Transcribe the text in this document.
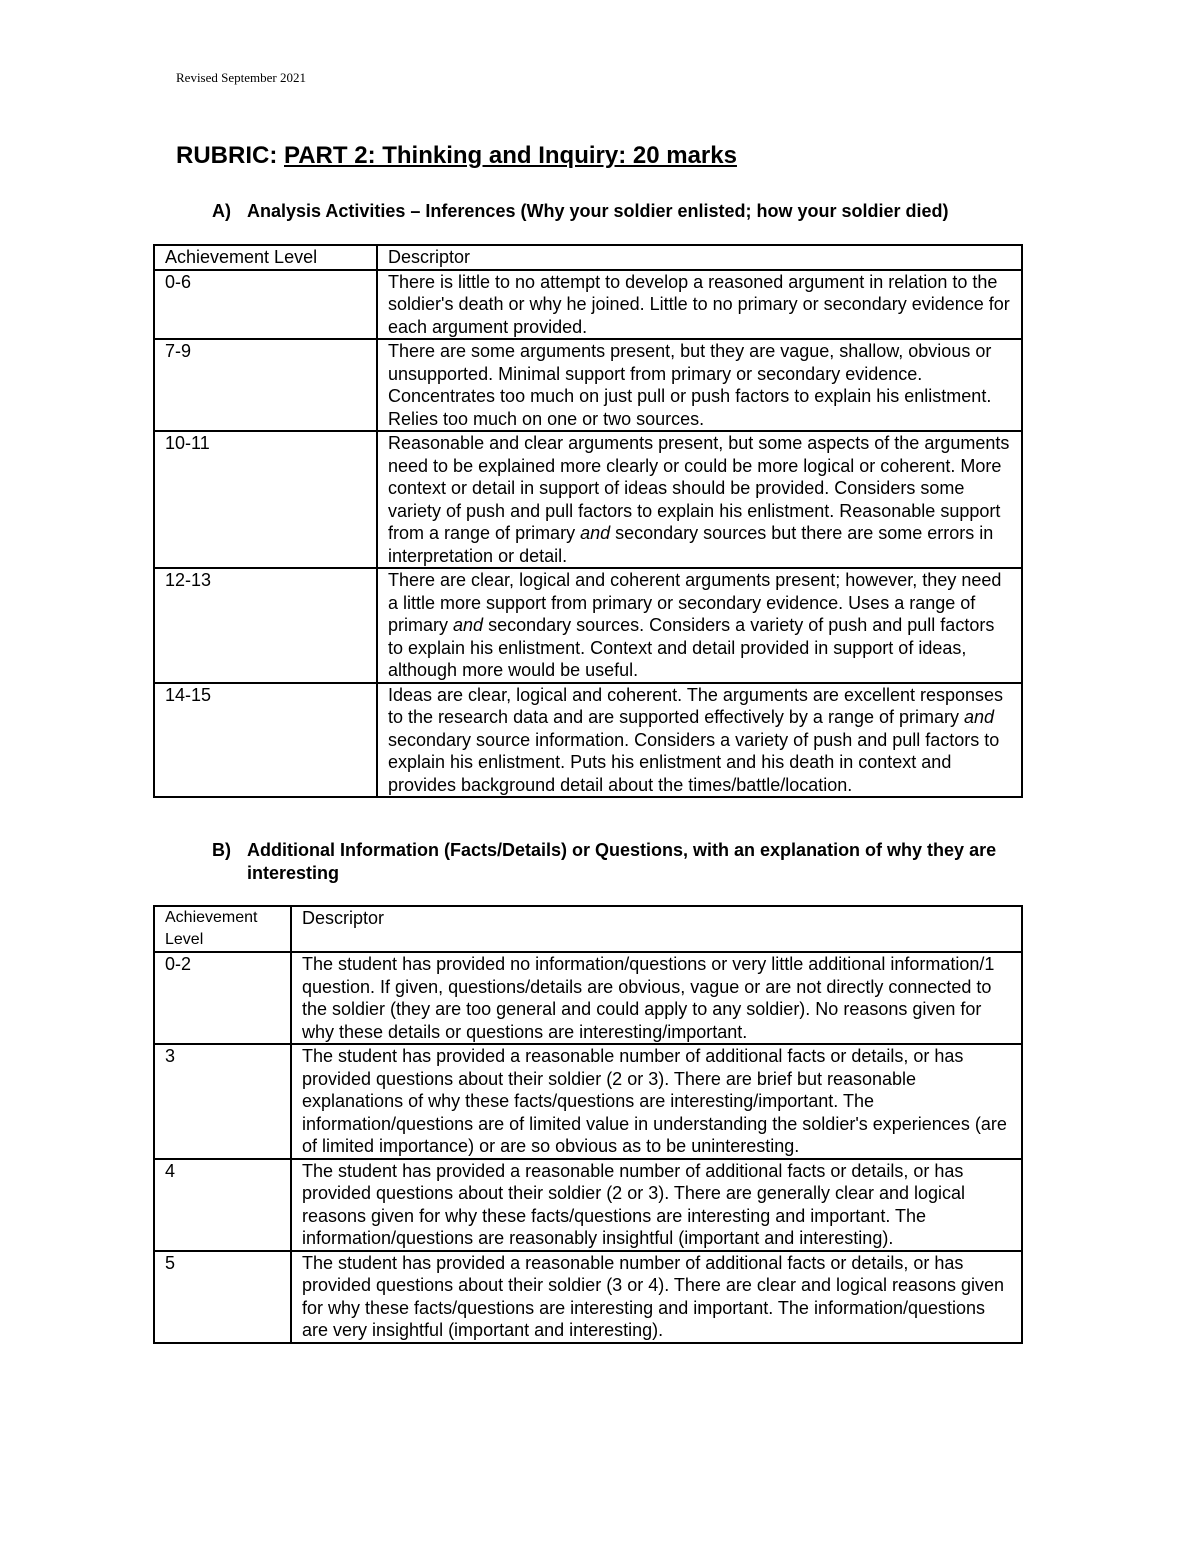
Revised September 2021
RUBRIC: PART 2: Thinking and Inquiry: 20 marks
A) Analysis Activities – Inferences (Why your soldier enlisted; how your soldier died)
Achievement Level	Descriptor
0-6	There is little to no attempt to develop a reasoned argument in relation to the soldier's death or why he joined. Little to no primary or secondary evidence for each argument provided.
7-9	There are some arguments present, but they are vague, shallow, obvious or unsupported. Minimal support from primary or secondary evidence. Concentrates too much on just pull or push factors to explain his enlistment. Relies too much on one or two sources.
10-11	Reasonable and clear arguments present, but some aspects of the arguments need to be explained more clearly or could be more logical or coherent. More context or detail in support of ideas should be provided. Considers some variety of push and pull factors to explain his enlistment. Reasonable support from a range of primary and secondary sources but there are some errors in interpretation or detail.
12-13	There are clear, logical and coherent arguments present; however, they need a little more support from primary or secondary evidence. Uses a range of primary and secondary sources. Considers a variety of push and pull factors to explain his enlistment. Context and detail provided in support of ideas, although more would be useful.
14-15	Ideas are clear, logical and coherent. The arguments are excellent responses to the research data and are supported effectively by a range of primary and secondary source information. Considers a variety of push and pull factors to explain his enlistment. Puts his enlistment and his death in context and provides background detail about the times/battle/location.
B) Additional Information (Facts/Details) or Questions, with an explanation of why they are interesting
Achievement Level	Descriptor
0-2	The student has provided no information/questions or very little additional information/1 question. If given, questions/details are obvious, vague or are not directly connected to the soldier (they are too general and could apply to any soldier). No reasons given for why these details or questions are interesting/important.
3	The student has provided a reasonable number of additional facts or details, or has provided questions about their soldier (2 or 3). There are brief but reasonable explanations of why these facts/questions are interesting/important. The information/questions are of limited value in understanding the soldier's experiences (are of limited importance) or are so obvious as to be uninteresting.
4	The student has provided a reasonable number of additional facts or details, or has provided questions about their soldier (2 or 3). There are generally clear and logical reasons given for why these facts/questions are interesting and important. The information/questions are reasonably insightful (important and interesting).
5	The student has provided a reasonable number of additional facts or details, or has provided questions about their soldier (3 or 4). There are clear and logical reasons given for why these facts/questions are interesting and important. The information/questions are very insightful (important and interesting).
